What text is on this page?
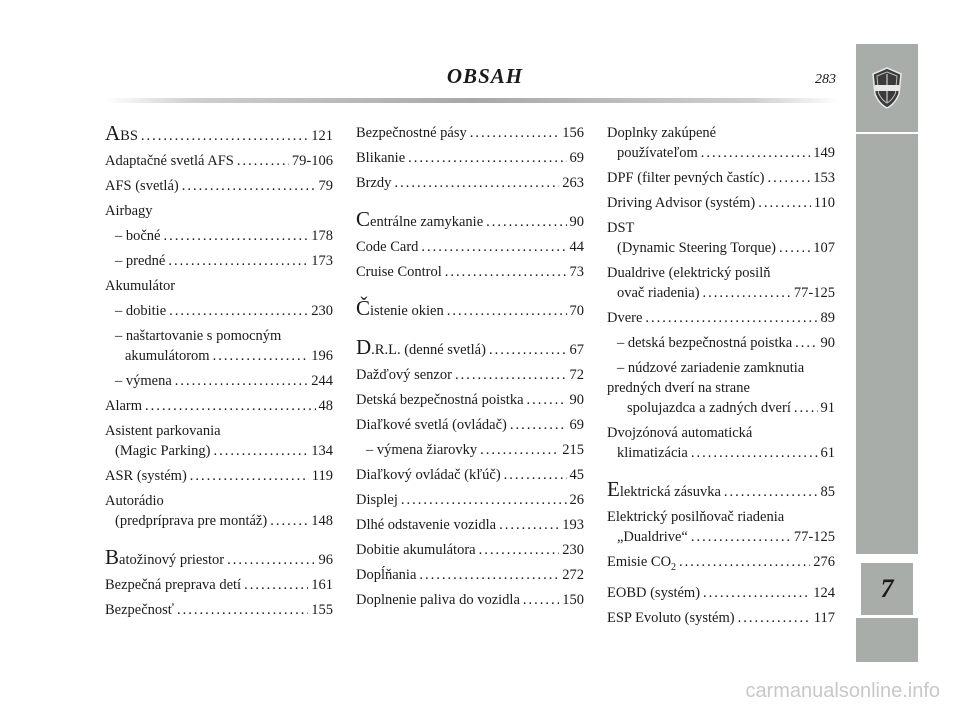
OBSAH	283
7
ABS .....	121
Adaptačné svetlá AFS .....	79-106
AFS (svetlá) .....	79
Airbagy
– bočné .....	178
– predné .....	173
Akumulátor
– dobitie .....	230
– naštartovanie s pomocným
akumulátorom .....	196
– výmena .....	244
Alarm .....	48
Asistent parkovania
(Magic Parking) .....	134
ASR (systém) .....	119
Autorádio
(predpríprava pre montáž) .....	148
Batožinový priestor .....	96
Bezpečná preprava detí .....	161
Bezpečnosť .....	155
Bezpečnostné pásy .....	156
Blikanie .....	69
Brzdy .....	263
Centrálne zamykanie .....	90
Code Card .....	44
Cruise Control .....	73
Čistenie okien .....	70
D.R.L. (denné svetlá) .....	67
Dažďový senzor .....	72
Detská bezpečnostná poistka .....	90
Diaľkové svetlá (ovládač) .....	69
– výmena žiarovky .....	215
Diaľkový ovládač (kľúč) .....	45
Displej .....	26
Dlhé odstavenie vozidla .....	193
Dobitie akumulátora .....	230
Dopĺňania .....	272
Doplnenie paliva do vozidla .....	150
Doplnky zakúpené
používateľom .....	149
DPF (filter pevných častíc) .....	153
Driving Advisor (systém) .....	110
DST
(Dynamic Steering Torque) .....	107
Dualdrive (elektrický posilň
ovač riadenia) .....	77-125
Dvere .....	89
– detská bezpečnostná poistka ..... 90
– núdzové zariadenie zamknutia
predných dverí na strane
spolujazdca a zadných dverí ..... 91
Dvojzónová automatická
klimatizácia .....	61
Elektrická zásuvka .....	85
Elektrický posilňovač riadenia
„Dualdrive“ .....	77-125
Emisie $CO_2$ .....	276
EOBD (systém) .....	124
ESP Evoluto (systém) .....	117
carmanualsonline.info
